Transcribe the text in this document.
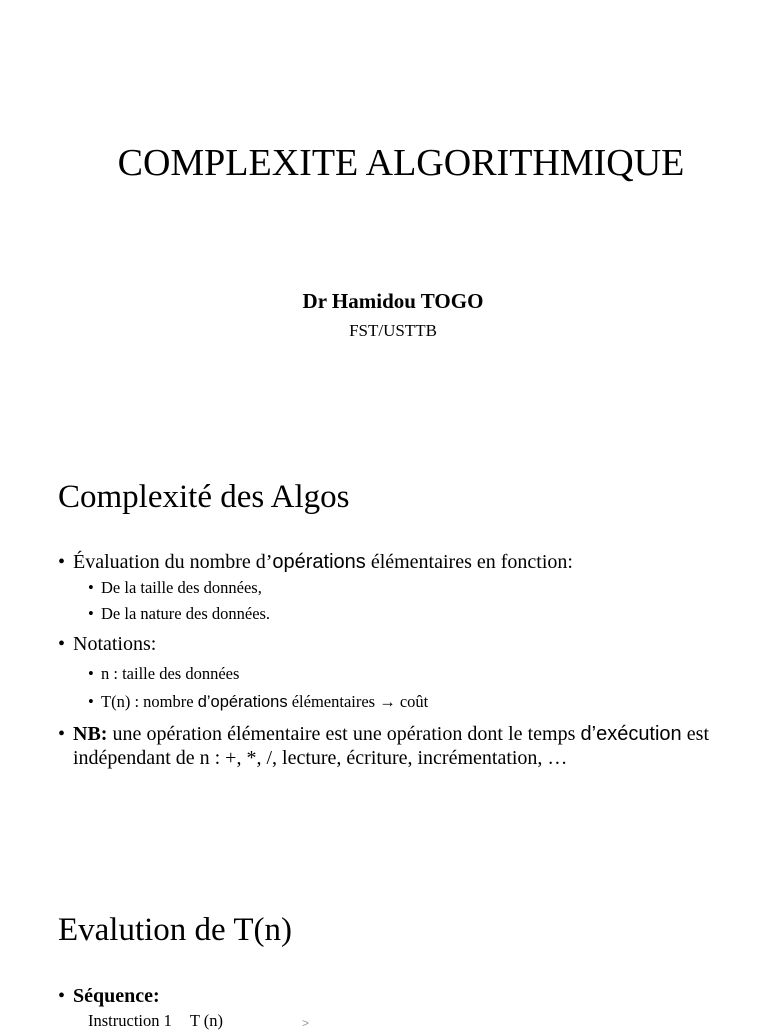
COMPLEXITE ALGORITHMIQUE
Dr Hamidou TOGO
FST/USTTB
Complexité des Algos
• Évaluation du nombre d’opérations élémentaires en fonction:
• De la taille des données,
• De la nature des données.
• Notations:
• n : taille des données
• T(n) : nombre d’opérations élémentaires → coût
• NB: une opération élémentaire est une opération dont le temps d’exécution est indépendant de n : +, *, /, lecture, écriture, incrémentation, …
Evalution de T(n)
• Séquence:
Instruction 1 T (n)	>
